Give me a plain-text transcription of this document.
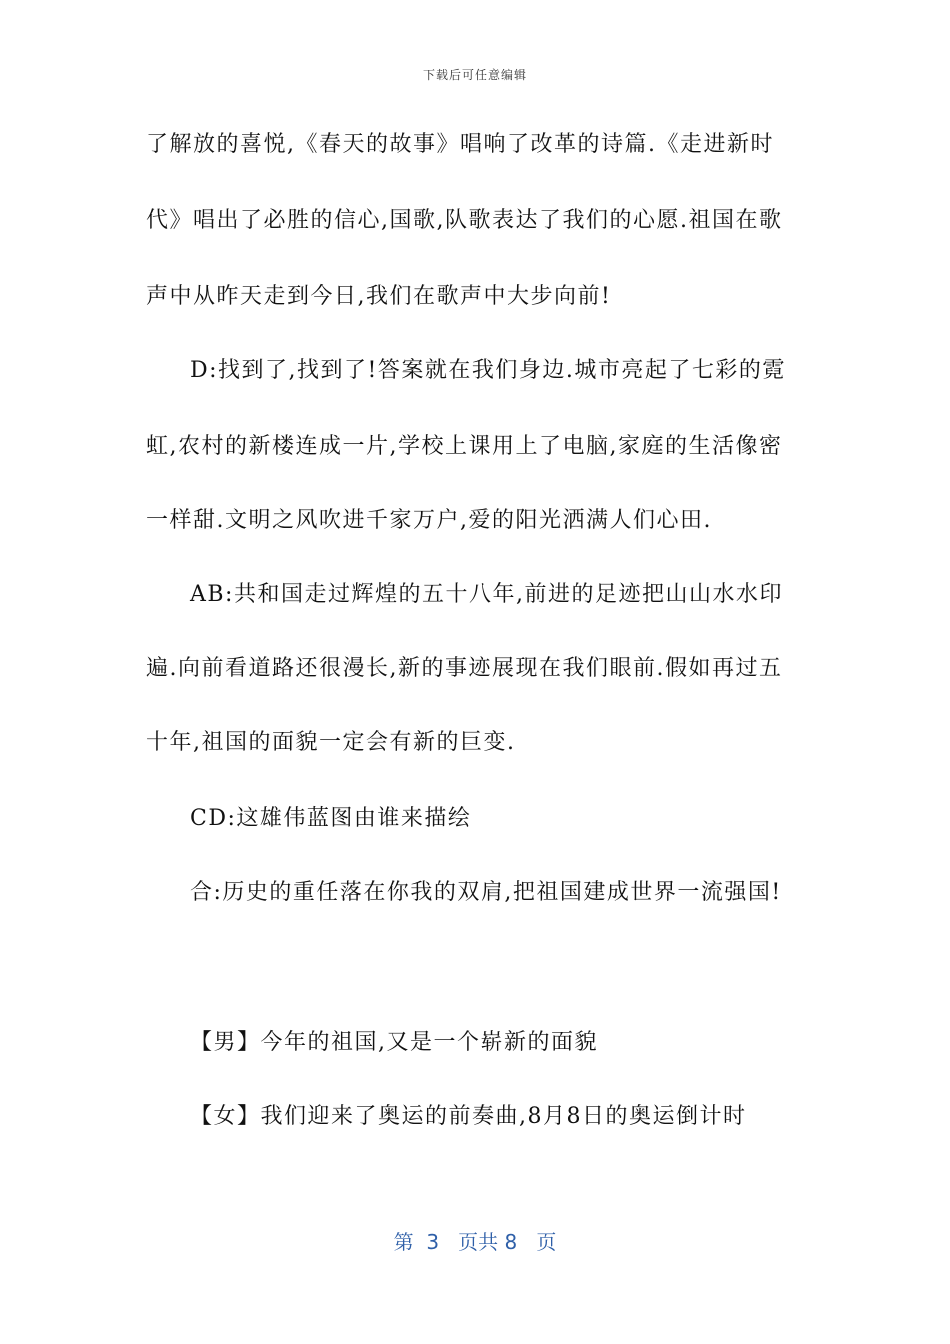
下载后可任意编辑
了解放的喜悦,《春天的故事》唱响了改革的诗篇.《走进新时
代》唱出了必胜的信心,国歌,队歌表达了我们的心愿.祖国在歌
声中从昨天走到今日,我们在歌声中大步向前!
D:找到了,找到了!答案就在我们身边.城市亮起了七彩的霓
虹,农村的新楼连成一片,学校上课用上了电脑,家庭的生活像密
一样甜.文明之风吹进千家万户,爱的阳光洒满人们心田.
AB:共和国走过辉煌的五十八年,前进的足迹把山山水水印
遍.向前看道路还很漫长,新的事迹展现在我们眼前.假如再过五
十年,祖国的面貌一定会有新的巨变.
CD:这雄伟蓝图由谁来描绘
合:历史的重任落在你我的双肩,把祖国建成世界一流强国!
【男】今年的祖国,又是一个崭新的面貌
【女】我们迎来了奥运的前奏曲,8月8日的奥运倒计时
第  3   页共 8   页
